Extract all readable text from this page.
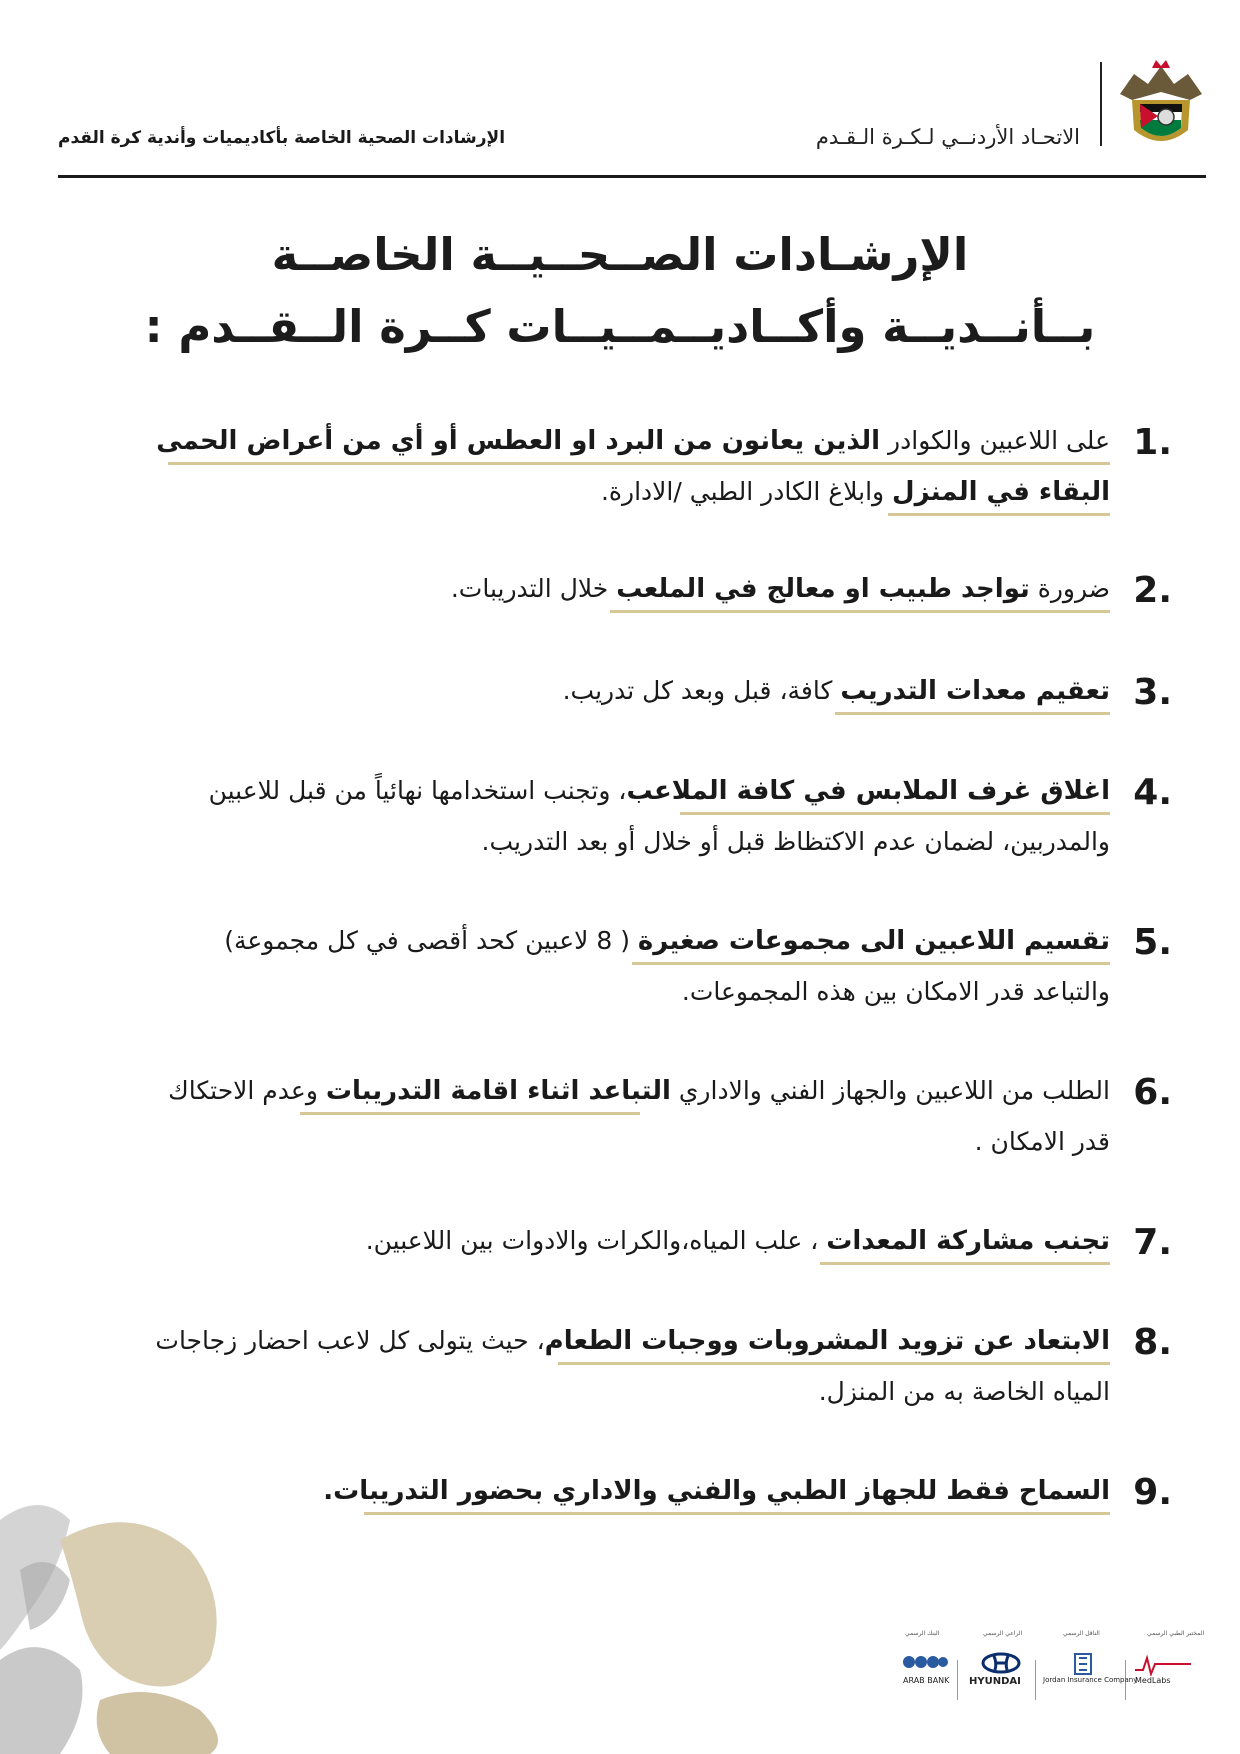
الإرشادات الصحية الخاصة بأكاديميات وأندية كرة القدم	الاتحـاد الأردنــي لـكـرة الـقـدم
الإرشـادات الصــحــيــة الخاصــة
بــأنــديــة وأكــاديــمــيــات كــرة الــقــدم :
1.
على اللاعبين والكوادر الذين يعانون من البرد او العطس أو أي من أعراض الحمى
البقاء في المنزل وابلاغ الكادر الطبي /الادارة.
2.
ضرورة تواجد طبيب او معالج في الملعب خلال التدريبات.
3.
تعقيم معدات التدريب كافة، قبل وبعد كل تدريب.
4.
اغلاق غرف الملابس في كافة الملاعب، وتجنب استخدامها نهائياً من قبل للاعبين
والمدربين، لضمان عدم الاكتظاظ قبل أو خلال أو بعد التدريب.
5.
تقسيم اللاعبين الى مجموعات صغيرة ( 8 لاعبين كحد أقصى في كل مجموعة)
والتباعد قدر الامكان بين هذه المجموعات.
6.
الطلب من اللاعبين والجهاز الفني والاداري التباعد اثناء اقامة التدريبات وعدم الاحتكاك
قدر الامكان .
7.
تجنب مشاركة المعدات ، علب المياه،والكرات والادوات بين اللاعبين.
8.
الابتعاد عن تزويد المشروبات ووجبات الطعام، حيث يتولى كل لاعب احضار زجاجات
المياه الخاصة به من المنزل.
9.
السماح فقط للجهاز الطبي والفني والاداري بحضور التدريبات.
المختبر الطبي الرسمي
الناقل الرسمي
الراعي الرسمي
البنك الرسمي
MedLabs
Jordan Insurance Company
HYUNDAI
ARAB BANK
